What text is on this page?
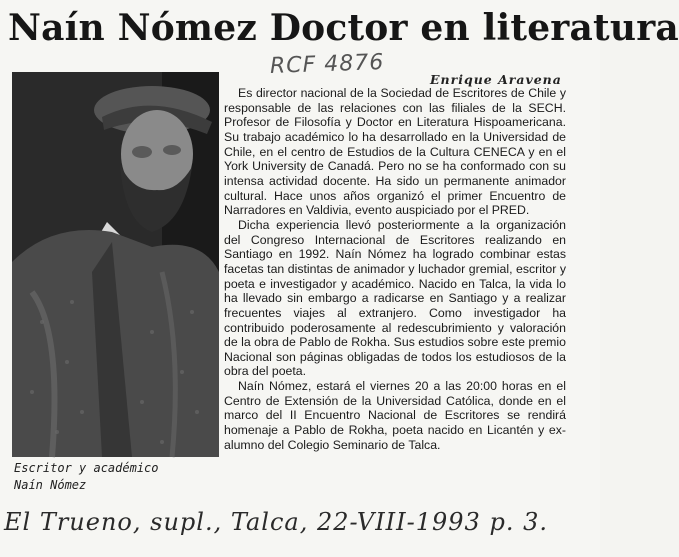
Naín Nómez Doctor en literatura
RCF 4876
Enrique Aravena
Escritor y académico
Naín Nómez

Es director nacional de la Sociedad de Escritores de Chile y responsable de las relaciones con las filiales de la SECH. Profesor de Filosofía y Doctor en Literatura Hispoamericana. Su trabajo académico lo ha desarrollado en la Universidad de Chile, en el centro de Estudios de la Cultura CENECA y en el York University de Canadá. Pero no se ha conformado con su intensa actividad docente. Ha sido un permanente animador cultural. Hace unos años organizó el primer Encuentro de Narradores en Valdivia, evento auspiciado por el PRED.

Dicha experiencia llevó posteriormente a la organización del Congreso Internacional de Escritores realizando en Santiago en 1992. Naín Nómez ha logrado combinar estas facetas tan distintas de animador y luchador gremial, escritor y poeta e investigador y académico. Nacido en Talca, la vida lo ha llevado sin embargo a radicarse en Santiago y a realizar frecuentes viajes al extranjero. Como investigador ha contribuido poderosamente al redescubrimiento y valoración de la obra de Pablo de Rokha. Sus estudios sobre este premio Nacional son páginas obligadas de todos los estudiosos de la obra del poeta.

Naín Nómez, estará el viernes 20 a las 20:00 horas en el Centro de Extensión de la Universidad Católica, donde en el marco del II Encuentro Nacional de Escritores se rendirá homenaje a Pablo de Rokha, poeta nacido en Licantén y ex-alumno del Colegio Seminario de Talca.

El Trueno, supl., Talca, 22-VIII-1993 p. 3.
